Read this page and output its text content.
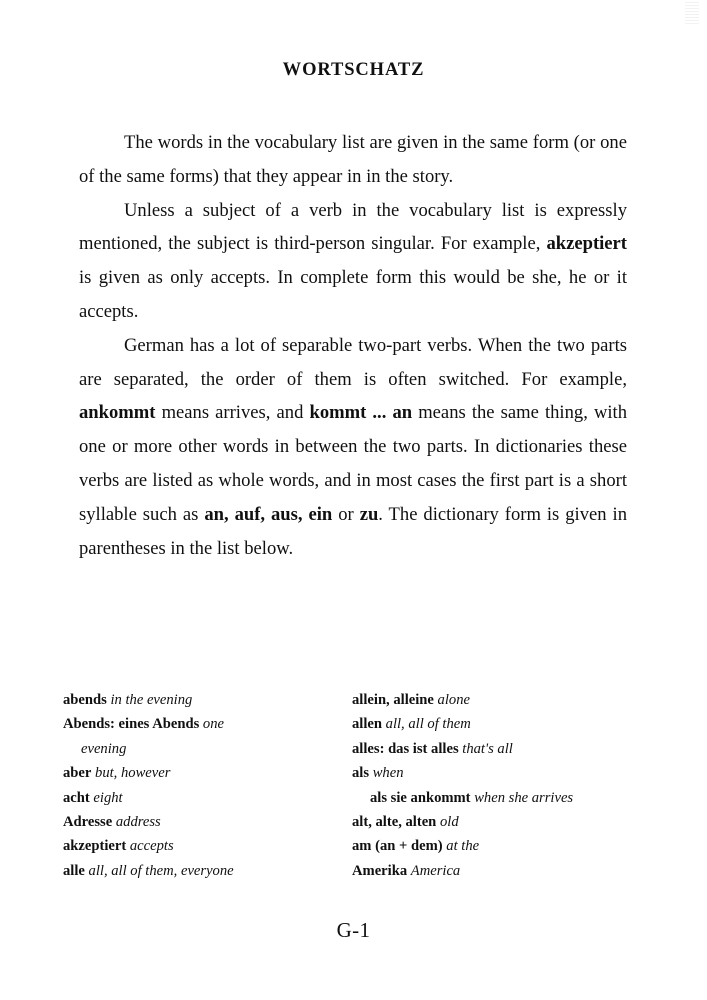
WORTSCHATZ

The words in the vocabulary list are given in the same form (or one of the same forms) that they appear in in the story.

Unless a subject of a verb in the vocabulary list is expressly mentioned, the subject is third-person singular. For example, akzeptiert is given as only accepts. In complete form this would be she, he or it accepts.

German has a lot of separable two-part verbs. When the two parts are separated, the order of them is often switched. For example, ankommt means arrives, and kommt ... an means the same thing, with one or more other words in between the two parts. In dictionaries these verbs are listed as whole words, and in most cases the first part is a short syllable such as an, auf, aus, ein or zu. The dictionary form is given in parentheses in the list below.

abends in the evening
Abends: eines Abends one
evening
aber but, however
acht eight
Adresse address
akzeptiert accepts
alle all, all of them, everyone
allein, alleine alone
allen all, all of them
alles: das ist alles that's all
als when
als sie ankommt when she arrives
alt, alte, alten old
am (an + dem) at the
Amerika America
G-1
